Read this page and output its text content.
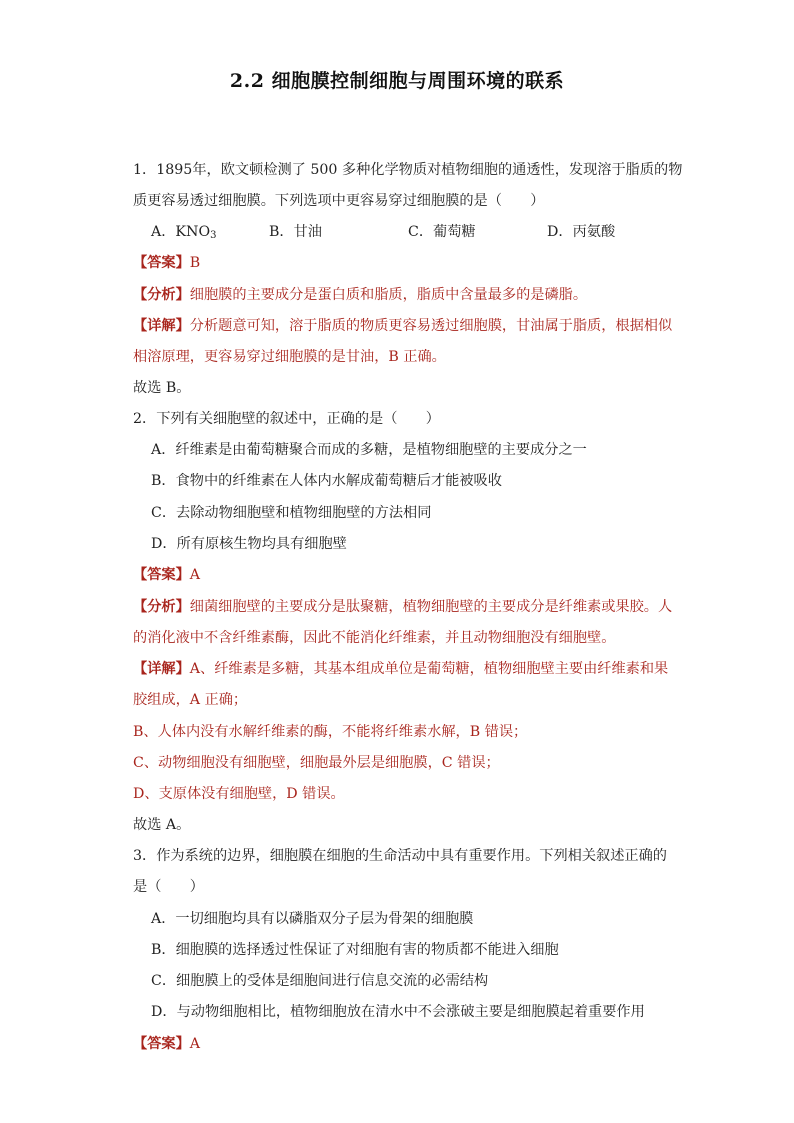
2.2 细胞膜控制细胞与周围环境的联系
1．1895年，欧文顿检测了 500 多种化学物质对植物细胞的通透性，发现溶于脂质的物
质更容易透过细胞膜。下列选项中更容易穿过细胞膜的是（　　）
A．$KNO_3$	B．甘油	C．葡萄糖	D．丙氨酸
【答案】B
【分析】细胞膜的主要成分是蛋白质和脂质，脂质中含量最多的是磷脂。
【详解】分析题意可知，溶于脂质的物质更容易透过细胞膜，甘油属于脂质，根据相似
相溶原理，更容易穿过细胞膜的是甘油，B 正确。
故选 B。
2．下列有关细胞壁的叙述中，正确的是（　　）
A．纤维素是由葡萄糖聚合而成的多糖，是植物细胞壁的主要成分之一
B．食物中的纤维素在人体内水解成葡萄糖后才能被吸收
C．去除动物细胞壁和植物细胞壁的方法相同
D．所有原核生物均具有细胞壁
【答案】A
【分析】细菌细胞壁的主要成分是肽聚糖，植物细胞壁的主要成分是纤维素或果胶。人
的消化液中不含纤维素酶，因此不能消化纤维素，并且动物细胞没有细胞壁。
【详解】A、纤维素是多糖，其基本组成单位是葡萄糖，植物细胞壁主要由纤维素和果
胶组成，A 正确；
B、人体内没有水解纤维素的酶，不能将纤维素水解，B 错误；
C、动物细胞没有细胞壁，细胞最外层是细胞膜，C 错误；
D、支原体没有细胞壁，D 错误。
故选 A。
3．作为系统的边界，细胞膜在细胞的生命活动中具有重要作用。下列相关叙述正确的
是（　　）
A．一切细胞均具有以磷脂双分子层为骨架的细胞膜
B．细胞膜的选择透过性保证了对细胞有害的物质都不能进入细胞
C．细胞膜上的受体是细胞间进行信息交流的必需结构
D．与动物细胞相比，植物细胞放在清水中不会涨破主要是细胞膜起着重要作用
【答案】A
